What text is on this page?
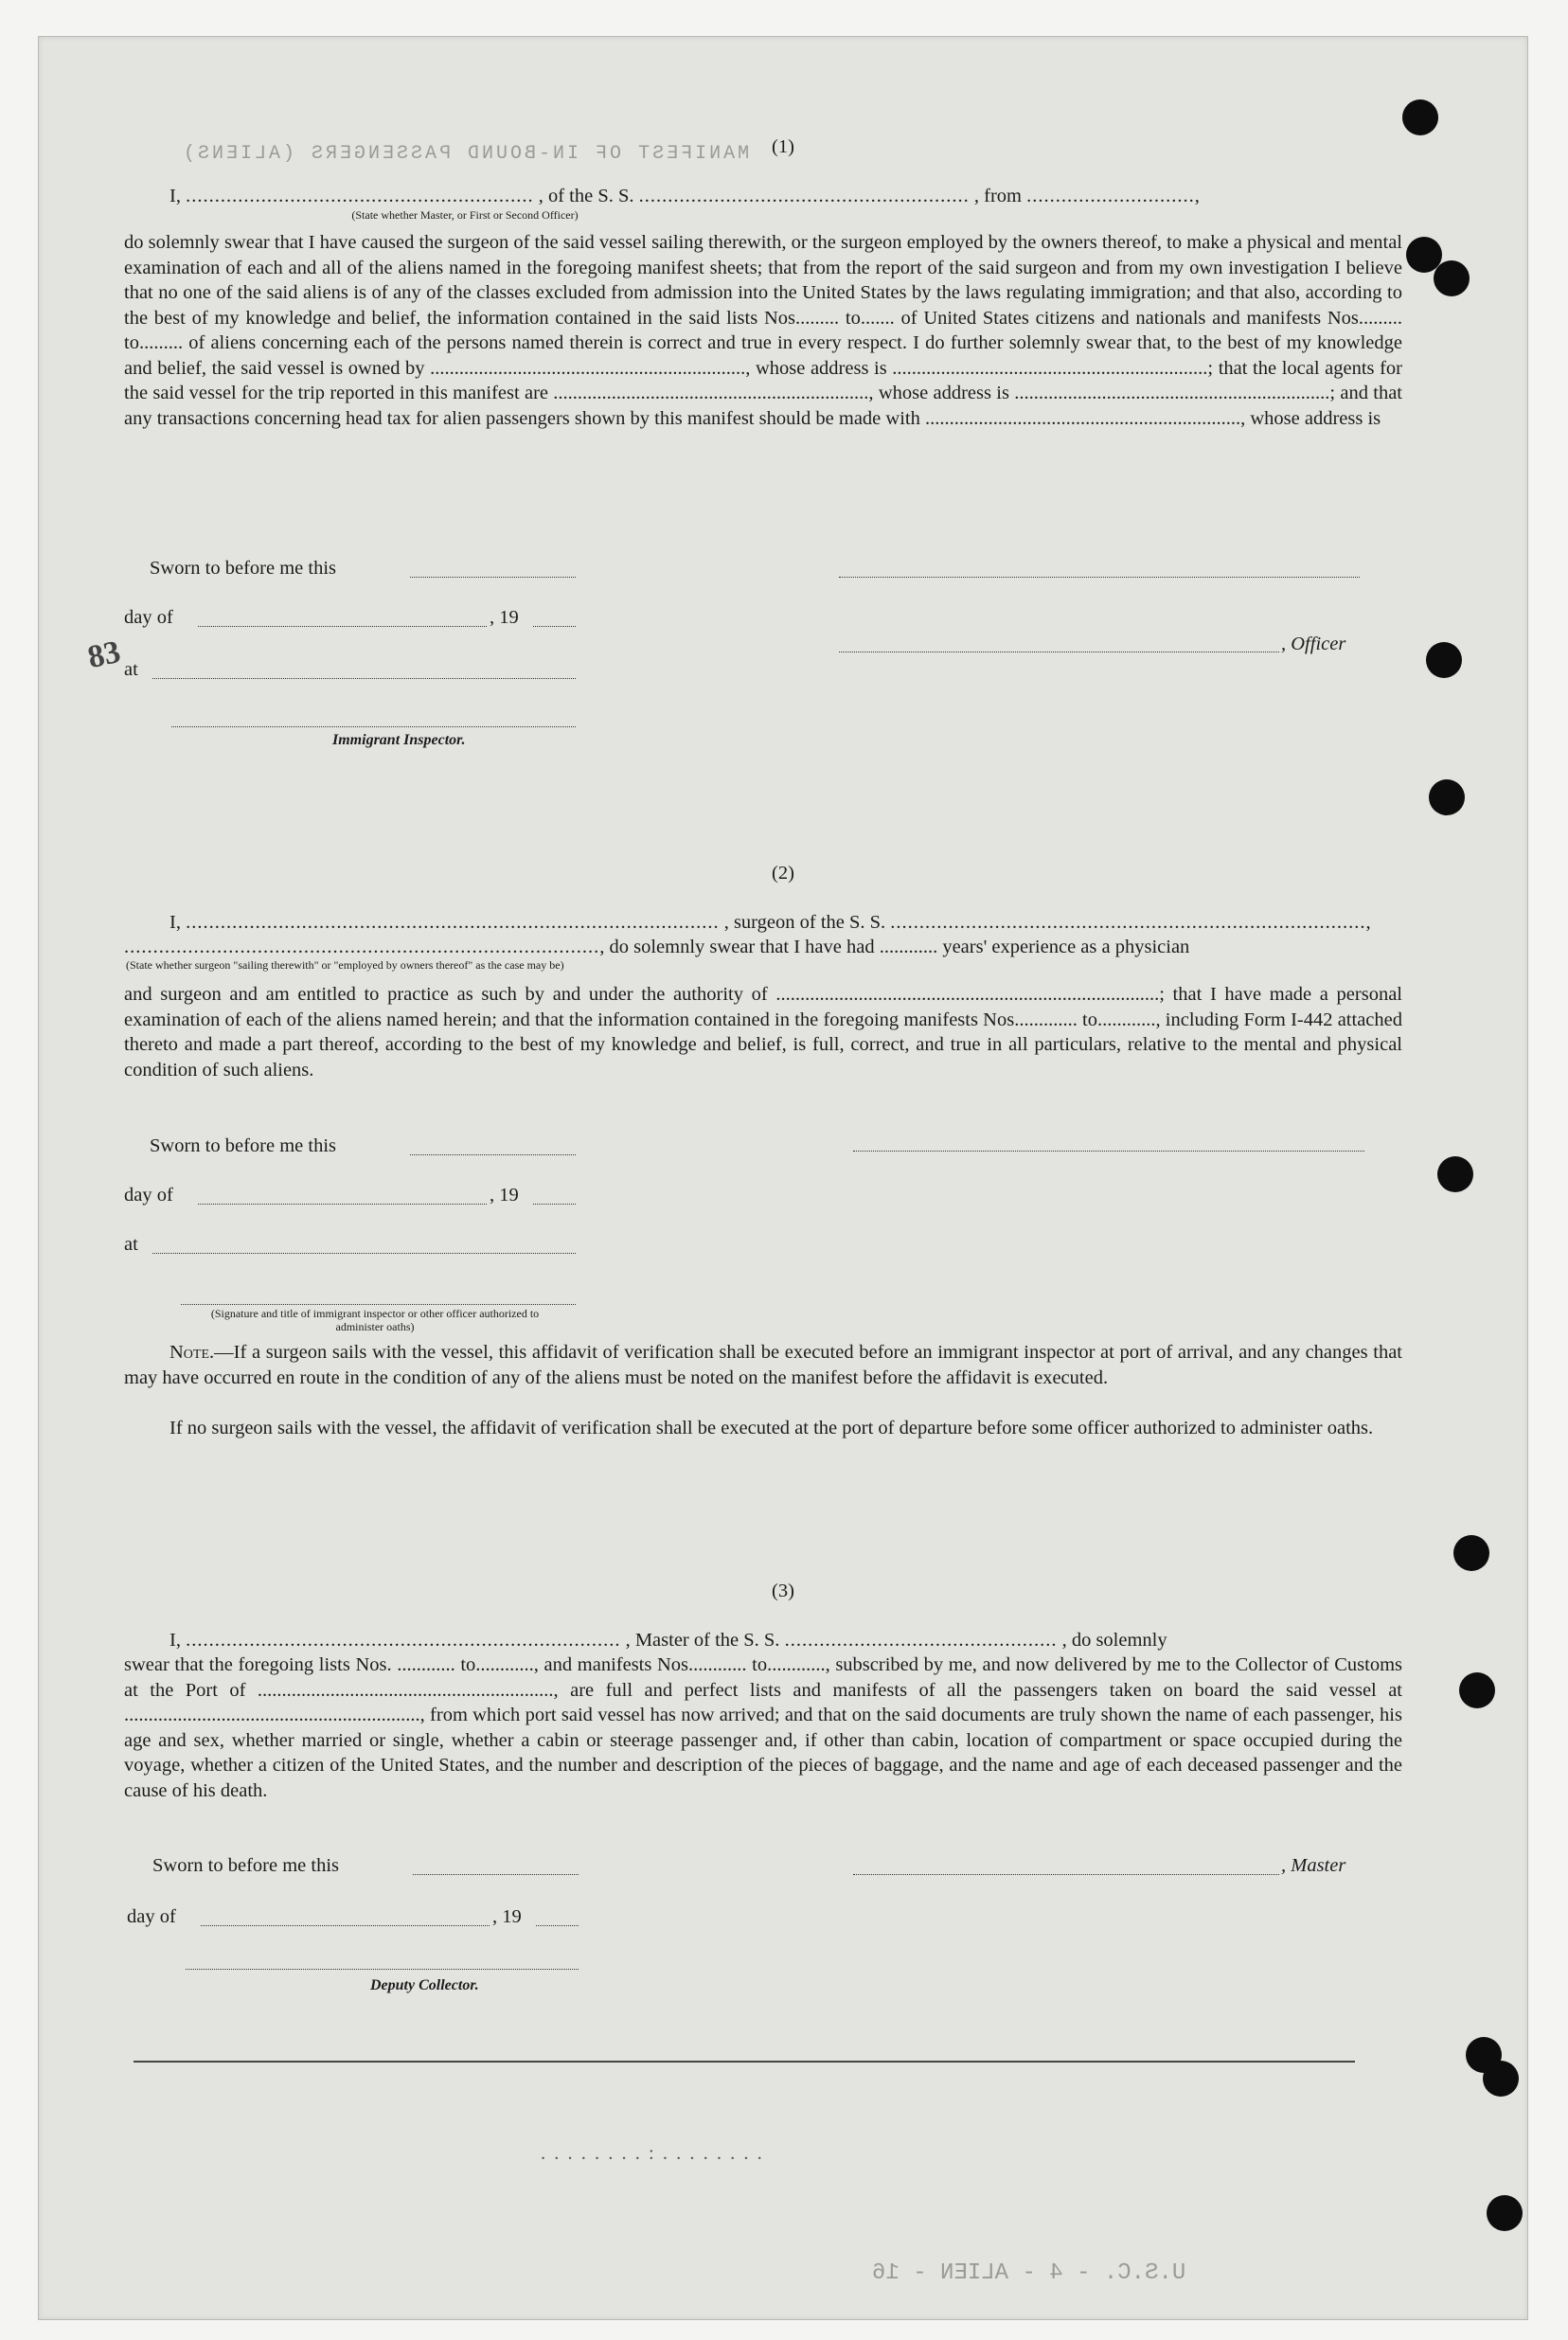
MANIFEST OF IN-BOUND PASSENGERS (ALIENS)
U.S.C. - 4 - ALIEN - 16
(1)
I, ............................................................ , of the S. S. ......................................................... , from .............................,
(State whether Master, or First or Second Officer)
do solemnly swear that I have caused the surgeon of the said vessel sailing therewith, or the surgeon employed by the owners thereof, to make a physical and mental examination of each and all of the aliens named in the foregoing manifest sheets; that from the report of the said surgeon and from my own investigation I believe that no one of the said aliens is of any of the classes excluded from admission into the United States by the laws regulating immigration; and that also, according to the best of my knowledge and belief, the information contained in the said lists Nos......... to....... of United States citizens and nationals and manifests Nos......... to......... of aliens concerning each of the persons named therein is correct and true in every respect. I do further solemnly swear that, to the best of my knowledge and belief, the said vessel is owned by ................................................................., whose address is .................................................................; that the local agents for the said vessel for the trip reported in this manifest are ................................................................., whose address is .................................................................; and that any transactions concerning head tax for alien passengers shown by this manifest should be made with ................................................................., whose address is
Sworn to before me this
day of	, 19
, Officer
at
83
Immigrant Inspector.
(2)
I, ............................................................................................ , surgeon of the S. S. ..................................................................................,
.................................................................................., do solemnly swear that I have had ............ years' experience as a physician
(State whether surgeon "sailing therewith" or "employed by owners thereof" as the case may be)
and surgeon and am entitled to practice as such by and under the authority of ...............................................................................; that I have made a personal examination of each of the aliens named herein; and that the information contained in the foregoing manifests Nos............. to............, including Form I-442 attached thereto and made a part thereof, according to the best of my knowledge and belief, is full, correct, and true in all particulars, relative to the mental and physical condition of such aliens.
Sworn to before me this
day of	, 19
at
(Signature and title of immigrant inspector or other officer authorized to administer oaths)
Note.—If a surgeon sails with the vessel, this affidavit of verification shall be executed before an immigrant inspector at port of arrival, and any changes that may have occurred en route in the condition of any of the aliens must be noted on the manifest before the affidavit is executed.
If no surgeon sails with the vessel, the affidavit of verification shall be executed at the port of departure before some officer authorized to administer oaths.
(3)
I, ........................................................................... , Master of the S. S. ............................................... , do solemnly
swear that the foregoing lists Nos. ............ to............, and manifests Nos............ to............, subscribed by me, and now delivered by me to the Collector of Customs at the Port of ............................................................., are full and perfect lists and manifests of all the passengers taken on board the said vessel at ............................................................., from which port said vessel has now arrived; and that on the said documents are truly shown the name of each passenger, his age and sex, whether married or single, whether a cabin or steerage passenger and, if other than cabin, location of compartment or space occupied during the voyage, whether a citizen of the United States, and the number and description of the pieces of baggage, and the name and age of each deceased passenger and the cause of his death.
Sworn to before me this	, Master
day of	, 19
Deputy Collector.
. . . . . . . . : . . . . . . . .
